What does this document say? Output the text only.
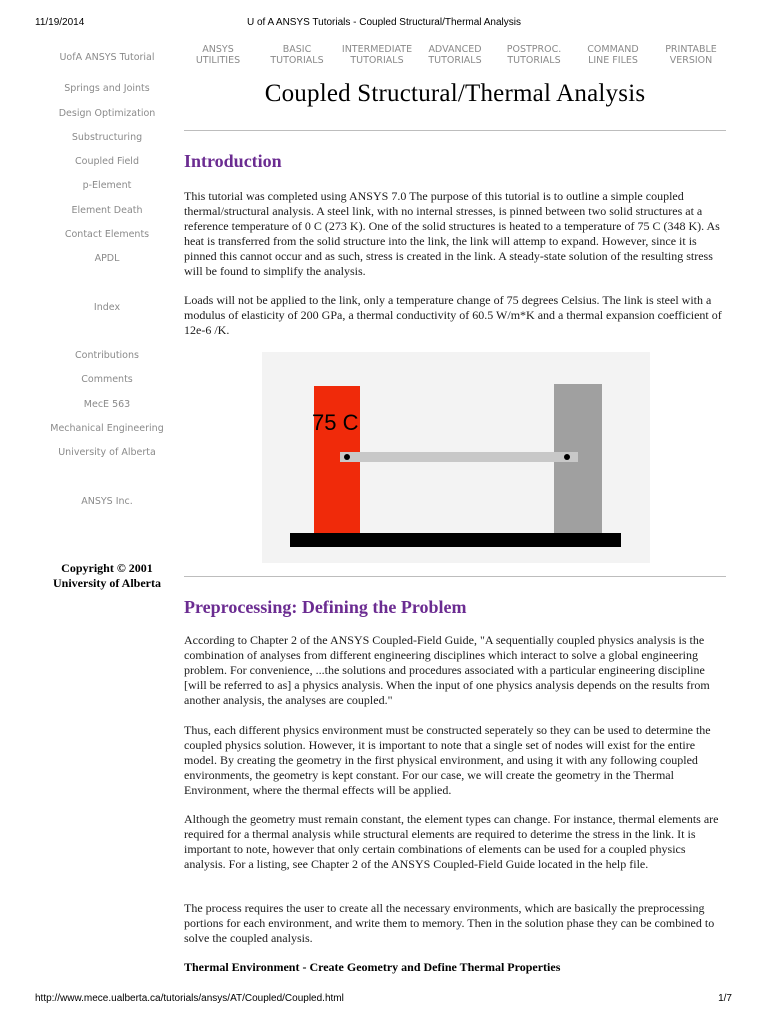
11/19/2014	U of A ANSYS Tutorials - Coupled Structural/Thermal Analysis
UofA ANSYS Tutorial
Springs and Joints
Design Optimization
Substructuring
Coupled Field
p-Element
Element Death
Contact Elements
APDL
Index
Contributions
Comments
MecE 563
Mechanical Engineering
University of Alberta
ANSYS Inc.
Copyright © 2001
University of Alberta
ANSYS
UTILITIES
BASIC
TUTORIALS
INTERMEDIATE
TUTORIALS
ADVANCED
TUTORIALS
POSTPROC.
TUTORIALS
COMMAND
LINE FILES
PRINTABLE
VERSION
Coupled Structural/Thermal Analysis
Introduction

This tutorial was completed using ANSYS 7.0 The purpose of this tutorial is to outline a simple coupled thermal/structural analysis. A steel link, with no internal stresses, is pinned between two solid structures at a reference temperature of 0 C (273 K). One of the solid structures is heated to a temperature of 75 C (348 K). As heat is transferred from the solid structure into the link, the link will attemp to expand. However, since it is pinned this cannot occur and as such, stress is created in the link. A steady-state solution of the resulting stress will be found to simplify the analysis.

Loads will not be applied to the link, only a temperature change of 75 degrees Celsius. The link is steel with a modulus of elasticity of 200 GPa, a thermal conductivity of 60.5 W/m*K and a thermal expansion coefficient of 12e-6 /K.

75 C
Preprocessing: Defining the Problem

According to Chapter 2 of the ANSYS Coupled-Field Guide, "A sequentially coupled physics analysis is the combination of analyses from different engineering disciplines which interact to solve a global engineering problem. For convenience, ...the solutions and procedures associated with a particular engineering discipline [will be referred to as] a physics analysis. When the input of one physics analysis depends on the results from another analysis, the analyses are coupled."

Thus, each different physics environment must be constructed seperately so they can be used to determine the coupled physics solution. However, it is important to note that a single set of nodes will exist for the entire model. By creating the geometry in the first physical environment, and using it with any following coupled environments, the geometry is kept constant. For our case, we will create the geometry in the Thermal Environment, where the thermal effects will be applied.

Although the geometry must remain constant, the element types can change. For instance, thermal elements are required for a thermal analysis while structural elements are required to deterime the stress in the link. It is important to note, however that only certain combinations of elements can be used for a coupled physics analysis. For a listing, see Chapter 2 of the ANSYS Coupled-Field Guide located in the help file.

The process requires the user to create all the necessary environments, which are basically the preprocessing portions for each environment, and write them to memory. Then in the solution phase they can be combined to solve the coupled analysis.

Thermal Environment - Create Geometry and Define Thermal Properties

http://www.mece.ualberta.ca/tutorials/ansys/AT/Coupled/Coupled.html	1/7
